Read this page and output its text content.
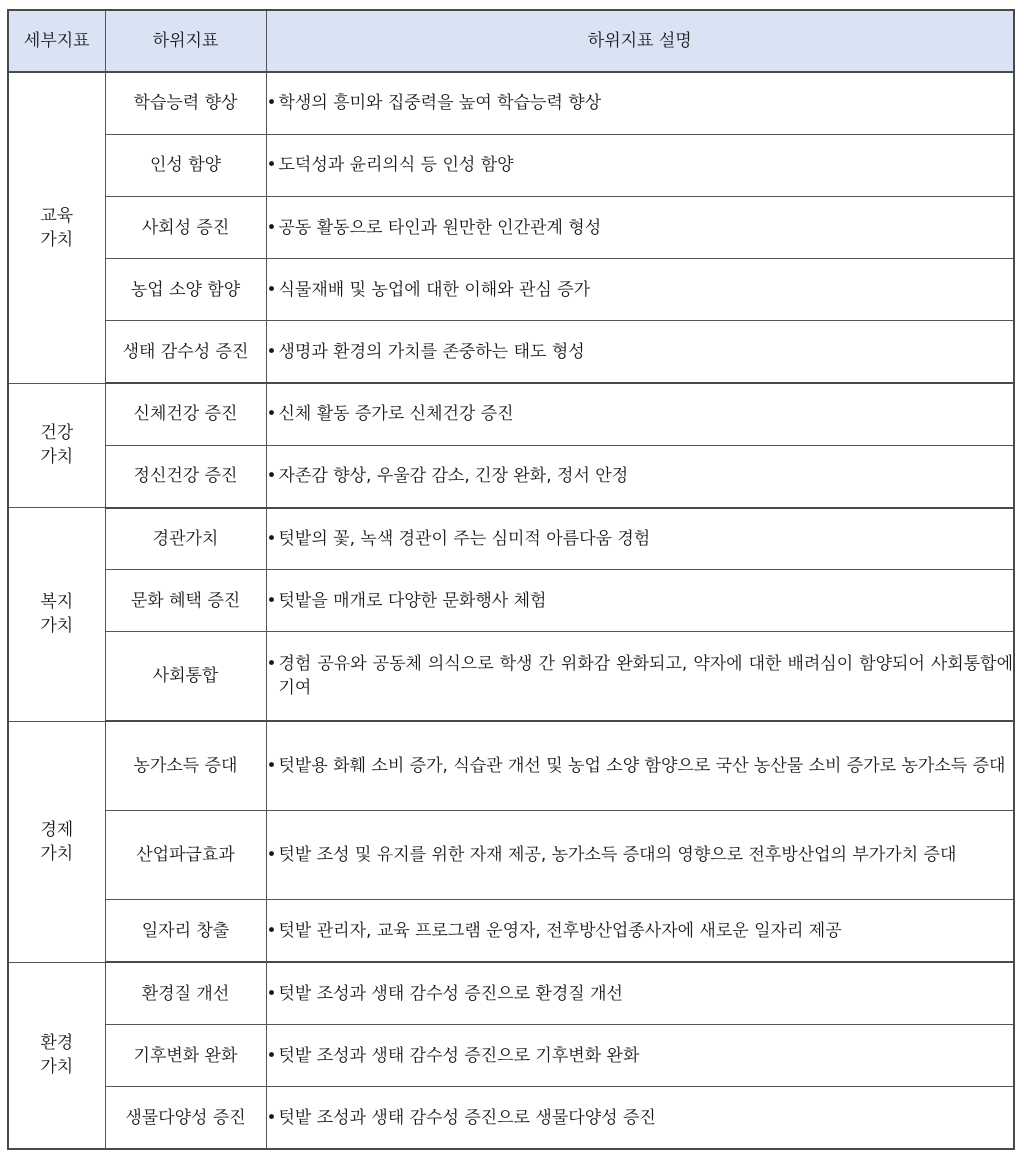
세부지표	하위지표	하위지표 설명
교육 가치	학습능력 향상	• 학생의 흥미와 집중력을 높여 학습능력 향상

	인성 함양	• 도덕성과 윤리의식 등 인성 함양

	사회성 증진	• 공동 활동으로 타인과 원만한 인간관계 형성

	농업 소양 함양	• 식물재배 및 농업에 대한 이해와 관심 증가

	생태 감수성 증진	• 생명과 환경의 가치를 존중하는 태도 형성

건강 가치	신체건강 증진	• 신체 활동 증가로 신체건강 증진

	정신건강 증진	• 자존감 향상, 우울감 감소, 긴장 완화, 정서 안정

복지 가치	경관가치	• 텃밭의 꽃, 녹색 경관이 주는 심미적 아름다움 경험

	문화 혜택 증진	• 텃밭을 매개로 다양한 문화행사 체험

	사회통합	• 경험 공유와 공동체 의식으로 학생 간 위화감 완화되고, 약자에 대한 배려심이 함양되어 사회통합에 기여

경제 가치	농가소득 증대	• 텃밭용 화훼 소비 증가, 식습관 개선 및 농업 소양 함양으로 국산 농산물 소비 증가로 농가소득 증대

	산업파급효과	• 텃밭 조성 및 유지를 위한 자재 제공, 농가소득 증대의 영향으로 전후방산업의 부가가치 증대

	일자리 창출	• 텃밭 관리자, 교육 프로그램 운영자, 전후방산업종사자에 새로운 일자리 제공

환경 가치	환경질 개선	• 텃밭 조성과 생태 감수성 증진으로 환경질 개선

	기후변화 완화	• 텃밭 조성과 생태 감수성 증진으로 기후변화 완화

	생물다양성 증진	• 텃밭 조성과 생태 감수성 증진으로 생물다양성 증진
